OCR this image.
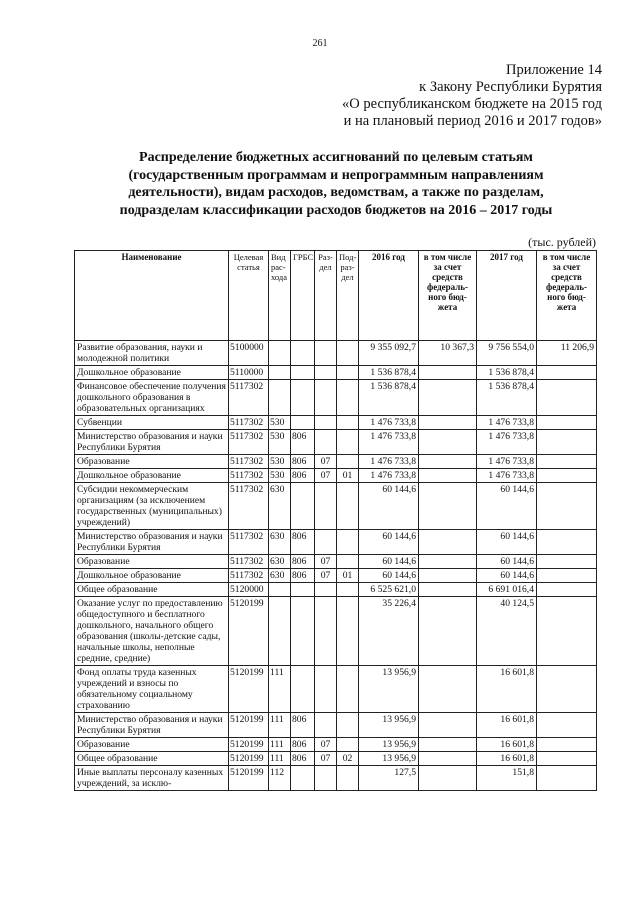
261
Приложение 14
к Закону Республики Бурятия
«О республиканском бюджете на 2015 год
и на плановый период 2016 и 2017 годов»
Распределение бюджетных ассигнований по целевым статьям
(государственным программам и непрограммным направлениям
деятельности), видам расходов, ведомствам, а также по разделам,
подразделам классификации расходов бюджетов на 2016 – 2017 годы
(тыс. рублей)
Наименование	Целевая статья	Вид рас-хода	ГРБС	Раз-дел	Под-раз-дел	2016 год	в том числе за счет средств федераль-ного бюд-жета	2017 год	в том числе за счет средств федераль-ного бюд-жета
Развитие образования, науки и молодежной политики	5100000					9 355 092,7	10 367,3	9 756 554,0	11 206,9
Дошкольное образование	5110000					1 536 878,4		1 536 878,4	
Финансовое обеспечение получения дошкольного образования в образовательных организациях	5117302					1 536 878,4		1 536 878,4	
Субвенции	5117302	530				1 476 733,8		1 476 733,8	
Министерство образования и науки Республики Бурятия	5117302	530	806			1 476 733,8		1 476 733,8	
Образование	5117302	530	806	07		1 476 733,8		1 476 733,8	
Дошкольное образование	5117302	530	806	07	01	1 476 733,8		1 476 733,8	
Субсидии некоммерческим организациям (за исключением государственных (муниципальных) учреждений)	5117302	630				60 144,6		60 144,6	
Министерство образования и науки Республики Бурятия	5117302	630	806			60 144,6		60 144,6	
Образование	5117302	630	806	07		60 144,6		60 144,6	
Дошкольное образование	5117302	630	806	07	01	60 144,6		60 144,6	
Общее образование	5120000					6 525 621,0		6 691 016,4	
Оказание услуг по предоставлению общедоступного и бесплатного дошкольного, начального общего образования (школы-детские сады, начальные школы, неполные средние, средние)	5120199					35 226,4		40 124,5	
Фонд оплаты труда казенных учреждений и взносы по обязательному социальному страхованию	5120199	111				13 956,9		16 601,8	
Министерство образования и науки Республики Бурятия	5120199	111	806			13 956,9		16 601,8	
Образование	5120199	111	806	07		13 956,9		16 601,8	
Общее образование	5120199	111	806	07	02	13 956,9		16 601,8	
Иные выплаты персоналу казенных учреждений, за исклю-	5120199	112				127,5		151,8	
